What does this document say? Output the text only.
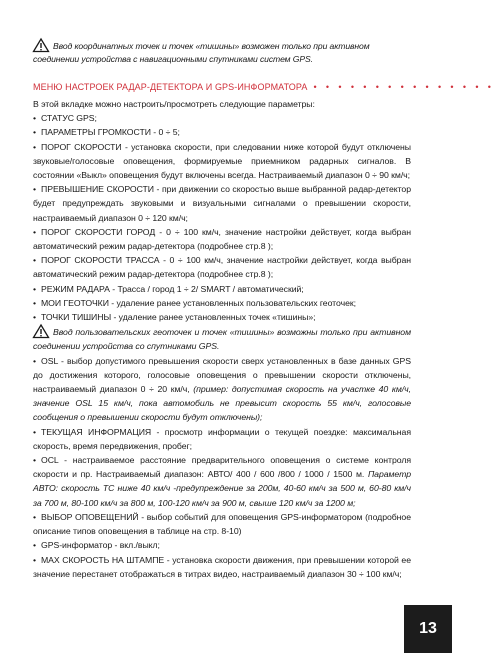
Ввод координатных точек и точек «тишины» возможен только при активном соединении устройства с навигационными спутниками систем GPS.
МЕНЮ НАСТРОЕК РАДАР-ДЕТЕКТОРА И GPS-ИНФОРМАТОРА • • • • • • • • • • • • • • •

В этой вкладке можно настроить/просмотреть следующие параметры:

• СТАТУС GPS;

• ПАРАМЕТРЫ ГРОМКОСТИ - 0 ÷ 5;

• ПОРОГ СКОРОСТИ - установка скорости, при следовании ниже которой будут отключены звуковые/голосовые оповещения, формируемые приемником радарных сигналов. В состоянии «Выкл» оповещения будут включены всегда. Настраиваемый диапазон 0 ÷ 90 км/ч;

• ПРЕВЫШЕНИЕ СКОРОСТИ - при движении со скоростью выше выбранной радар-детектор будет предупреждать звуковыми и визуальными сигналами о превышении скорости, настраиваемый диапазон 0 ÷ 120 км/ч;

• ПОРОГ СКОРОСТИ ГОРОД - 0 ÷ 100 км/ч, значение настройки действует, когда выбран автоматический режим радар-детектора (подробнее стр.8 );

• ПОРОГ СКОРОСТИ ТРАССА - 0 ÷ 100 км/ч, значение настройки действует, когда выбран автоматический режим радар-детектора (подробнее стр.8 );

• РЕЖИМ РАДАРА - Трасса / город 1 ÷ 2/ SMART / автоматический;

• МОИ ГЕОТОЧКИ - удаление ранее установленных пользовательских геоточек;

• ТОЧКИ ТИШИНЫ - удаление ранее установленных точек «тишины»;

Ввод пользовательских геоточек и точек «тишины» возможны только при активном соединении устройства со спутниками GPS.

• OSL - выбор допустимого превышения скорости сверх установленных в базе данных GPS до достижения которого, голосовые оповещения о превышении скорости отключены, настраиваемый диапазон 0 ÷ 20 км/ч, (пример: допустимая скорость на участке 40 км/ч, значение OSL 15 км/ч, пока автомобиль не превысит скорость 55 км/ч, голосовые сообщения о превышении скорости будут отключены);

• ТЕКУЩАЯ ИНФОРМАЦИЯ - просмотр информации о текущей поездке: максимальная скорость, время передвижения, пробег;

• OCL - настраиваемое расстояние предварительного оповещения о системе контроля скорости и пр. Настраиваемый диапазон: АВТО/ 400 / 600 /800 / 1000 / 1500 м. Параметр АВТО: скорость ТС ниже 40 км/ч -предупреждение за 200м, 40-60 км/ч за 500 м, 60-80 км/ч за 700 м, 80-100 км/ч за 800 м, 100-120 км/ч за 900 м, свыше 120 км/ч за 1200 м;

• ВЫБОР ОПОВЕЩЕНИЙ - выбор событий для оповещения GPS-информатором (подробное описание типов оповещения в таблице на стр. 8-10)

• GPS-информатор - вкл./выкл;

• МАХ СКОРОСТЬ НА ШТАМПЕ - установка скорости движения, при превышении которой ее значение перестанет отображаться в титрах видео, настраиваемый диапазон 30 ÷ 100 км/ч;

13
